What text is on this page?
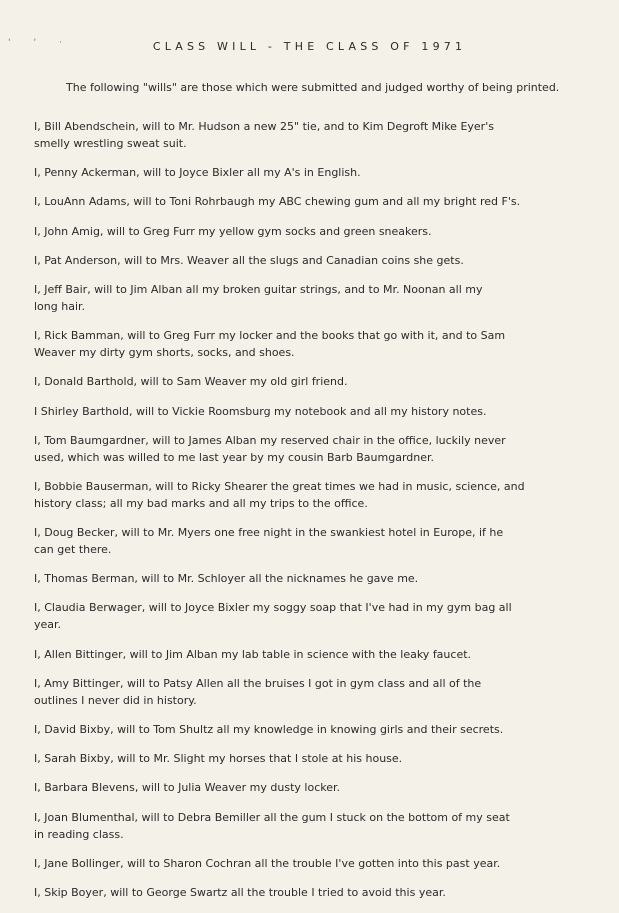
' ‘ ·	CLASS WILL - THE CLASS OF 1971

The following "wills" are those which were submitted and judged worthy of being printed.

I, Bill Abendschein, will to Mr. Hudson a new 25" tie, and to Kim Degroft Mike Eyer's
smelly wrestling sweat suit.

I, Penny Ackerman, will to Joyce Bixler all my A's in English.

I, LouAnn Adams, will to Toni Rohrbaugh my ABC chewing gum and all my bright red F's.

I, John Amig, will to Greg Furr my yellow gym socks and green sneakers.

I, Pat Anderson, will to Mrs. Weaver all the slugs and Canadian coins she gets.

I, Jeff Bair, will to Jim Alban all my broken guitar strings, and to Mr. Noonan all my
long hair.

I, Rick Bamman, will to Greg Furr my locker and the books that go with it, and to Sam
Weaver my dirty gym shorts, socks, and shoes.

I, Donald Barthold, will to Sam Weaver my old girl friend.

I Shirley Barthold, will to Vickie Roomsburg my notebook and all my history notes.

I, Tom Baumgardner, will to James Alban my reserved chair in the office, luckily never
used, which was willed to me last year by my cousin Barb Baumgardner.

I, Bobbie Bauserman, will to Ricky Shearer the great times we had in music, science, and
history class; all my bad marks and all my trips to the office.

I, Doug Becker, will to Mr. Myers one free night in the swankiest hotel in Europe, if he
can get there.

I, Thomas Berman, will to Mr. Schloyer all the nicknames he gave me.

I, Claudia Berwager, will to Joyce Bixler my soggy soap that I've had in my gym bag all
year.

I, Allen Bittinger, will to Jim Alban my lab table in science with the leaky faucet.

I, Amy Bittinger, will to Patsy Allen all the bruises I got in gym class and all of the
outlines I never did in history.

I, David Bixby, will to Tom Shultz all my knowledge in knowing girls and their secrets.

I, Sarah Bixby, will to Mr. Slight my horses that I stole at his house.

I, Barbara Blevens, will to Julia Weaver my dusty locker.

I, Joan Blumenthal, will to Debra Bemiller all the gum I stuck on the bottom of my seat
in reading class.

I, Jane Bollinger, will to Sharon Cochran all the trouble I've gotten into this past year.

I, Skip Boyer, will to George Swartz all the trouble I tried to avoid this year.
